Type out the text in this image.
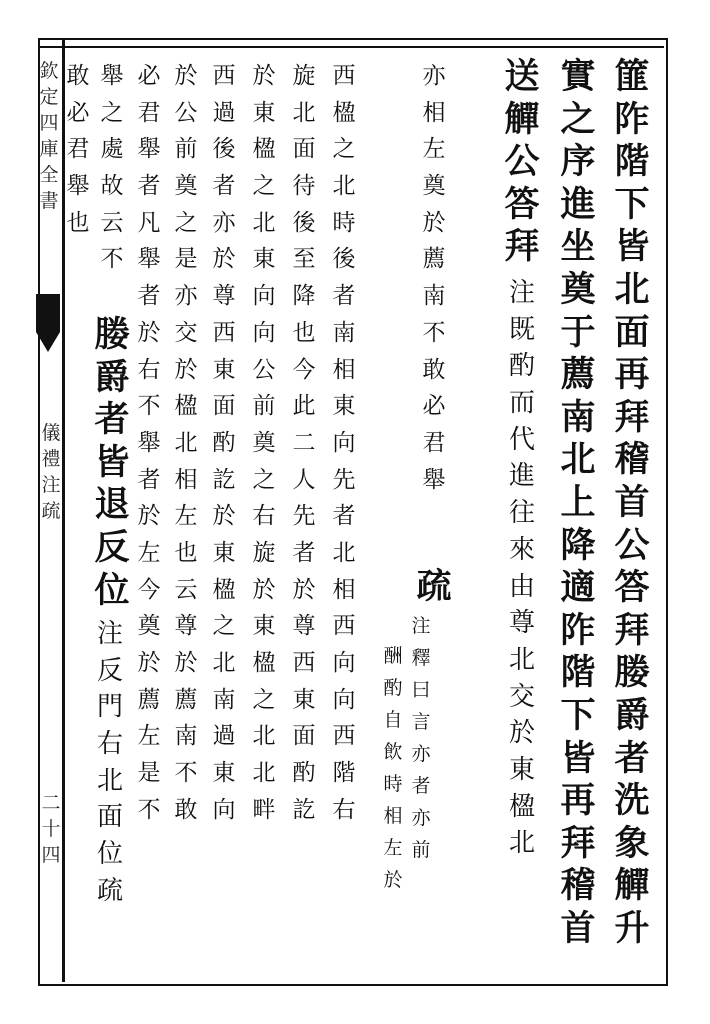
欽
定
四
庫
全
書
儀
禮
注
疏
二
十
四
篚
阼
階
下
皆
北
面
再
拜
稽
首
公
答
拜
媵
爵
者
洗
象
觶
升
實
之
序
進
坐
奠
于
薦
南
北
上
降
適
阼
階
下
皆
再
拜
稽
首
送
觶
公
答
拜
注
既
酌
而
代
進
往
來
由
尊
北
交
於
東
楹
北
亦
相
左
奠
於
薦
南
不
敢
必
君
舉
疏
注
釋
曰
言
亦
者
亦
前
酬
酌
自
飲
時
相
左
於
西
楹
之
北
時
後
者
南
相
東
向
先
者
北
相
西
向
向
西
階
右
旋
北
面
待
後
至
降
也
今
此
二
人
先
者
於
尊
西
東
面
酌
訖
於
東
楹
之
北
東
向
向
公
前
奠
之
右
旋
於
東
楹
之
北
北
畔
西
過
後
者
亦
於
尊
西
東
面
酌
訖
於
東
楹
之
北
南
過
東
向
於
公
前
奠
之
是
亦
交
於
楹
北
相
左
也
云
尊
於
薦
南
不
敢
必
君
舉
者
凡
舉
者
於
右
不
舉
者
於
左
今
奠
於
薦
左
是
不
舉
之
處
故
云
不
媵
爵
者
皆
退
反
位
注
反
門
右
北
面
位
疏
敢
必
君
舉
也
